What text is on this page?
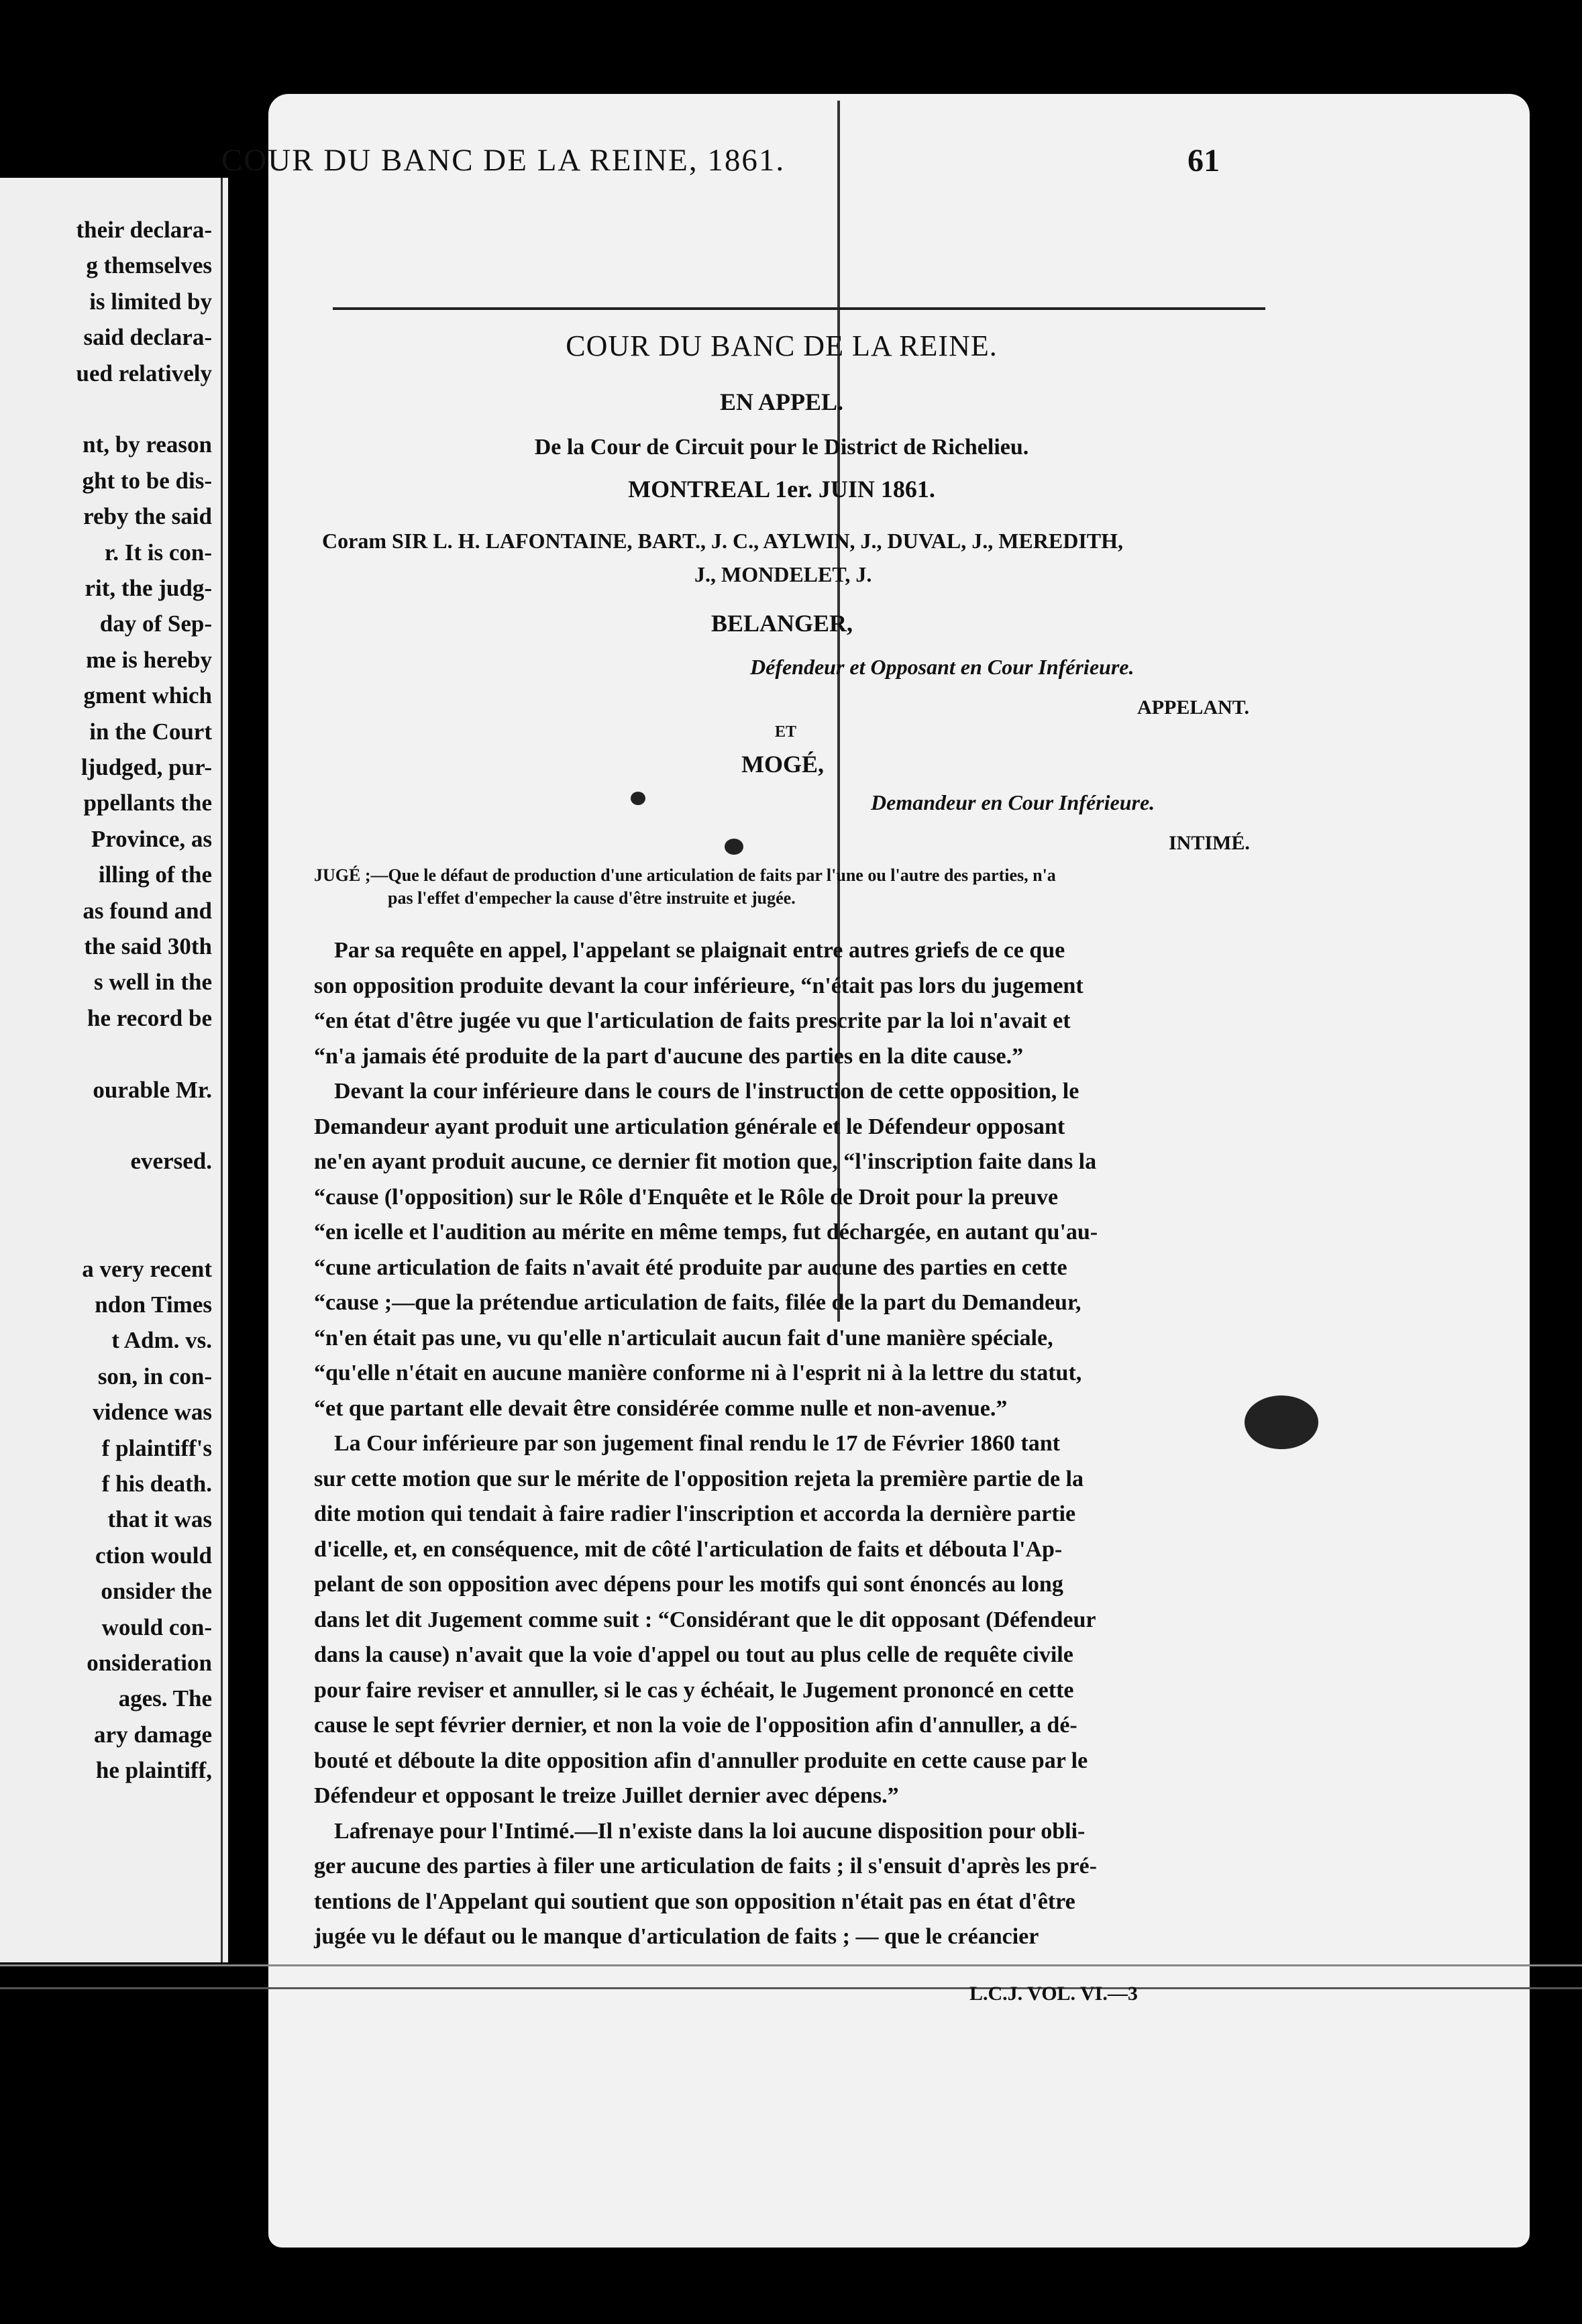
their declara-
g themselves
is limited by
said declara-
ued relatively
nt, by reason
ght to be dis-
reby the said
r. It is con-
rit, the judg-
day of Sep-
me is hereby
gment which
in the Court
ljudged, pur-
ppellants the
Province, as
illing of the
as found and
the said 30th
s well in the
he record be
ourable Mr.
eversed.
a very recent
ndon Times
t Adm. vs.
son, in con-
vidence was
f plaintiff's
f his death.
that it was
ction would
onsider the
would con-
onsideration
ages. The
ary damage
he plaintiff,
COUR DU BANC DE LA REINE, 1861.	61
COUR DU BANC DE LA REINE.
EN APPEL.
De la Cour de Circuit pour le District de Richelieu.
MONTREAL 1er. JUIN 1861.
Coram SIR L. H. LAFONTAINE, BART., J. C., AYLWIN, J., DUVAL, J., MEREDITH,
J., MONDELET, J.
BELANGER,
Défendeur et Opposant en Cour Inférieure.
APPELANT.
ET
MOGÉ,
Demandeur en Cour Inférieure.
INTIMÉ.
JUGÉ ;—Que le défaut de production d'une articulation de faits par l'une ou l'autre des parties, n'a
pas l'effet d'empecher la cause d'être instruite et jugée.
Par sa requête en appel, l'appelant se plaignait entre autres griefs de ce que
son opposition produite devant la cour inférieure, “n'était pas lors du jugement
“en état d'être jugée vu que l'articulation de faits prescrite par la loi n'avait et
“n'a jamais été produite de la part d'aucune des parties en la dite cause.”
Devant la cour inférieure dans le cours de l'instruction de cette opposition, le
Demandeur ayant produit une articulation générale et le Défendeur opposant
ne'en ayant produit aucune, ce dernier fit motion que, “l'inscription faite dans la
“cause (l'opposition) sur le Rôle d'Enquête et le Rôle de Droit pour la preuve
“en icelle et l'audition au mérite en même temps, fut déchargée, en autant qu'au-
“cune articulation de faits n'avait été produite par aucune des parties en cette
“cause ;—que la prétendue articulation de faits, filée de la part du Demandeur,
“n'en était pas une, vu qu'elle n'articulait aucun fait d'une manière spéciale,
“qu'elle n'était en aucune manière conforme ni à l'esprit ni à la lettre du statut,
“et que partant elle devait être considérée comme nulle et non-avenue.”
La Cour inférieure par son jugement final rendu le 17 de Février 1860 tant
sur cette motion que sur le mérite de l'opposition rejeta la première partie de la
dite motion qui tendait à faire radier l'inscription et accorda la dernière partie
d'icelle, et, en conséquence, mit de côté l'articulation de faits et débouta l'Ap-
pelant de son opposition avec dépens pour les motifs qui sont énoncés au long
dans let dit Jugement comme suit : “Considérant que le dit opposant (Défendeur
dans la cause) n'avait que la voie d'appel ou tout au plus celle de requête civile
pour faire reviser et annuller, si le cas y échéait, le Jugement prononcé en cette
cause le sept février dernier, et non la voie de l'opposition afin d'annuller, a dé-
bouté et déboute la dite opposition afin d'annuller produite en cette cause par le
Défendeur et opposant le treize Juillet dernier avec dépens.”
Lafrenaye pour l'Intimé.—Il n'existe dans la loi aucune disposition pour obli-
ger aucune des parties à filer une articulation de faits ; il s'ensuit d'après les pré-
tentions de l'Appelant qui soutient que son opposition n'était pas en état d'être
jugée vu le défaut ou le manque d'articulation de faits ; — que le créancier
L.C.J. VOL. VI.—3
